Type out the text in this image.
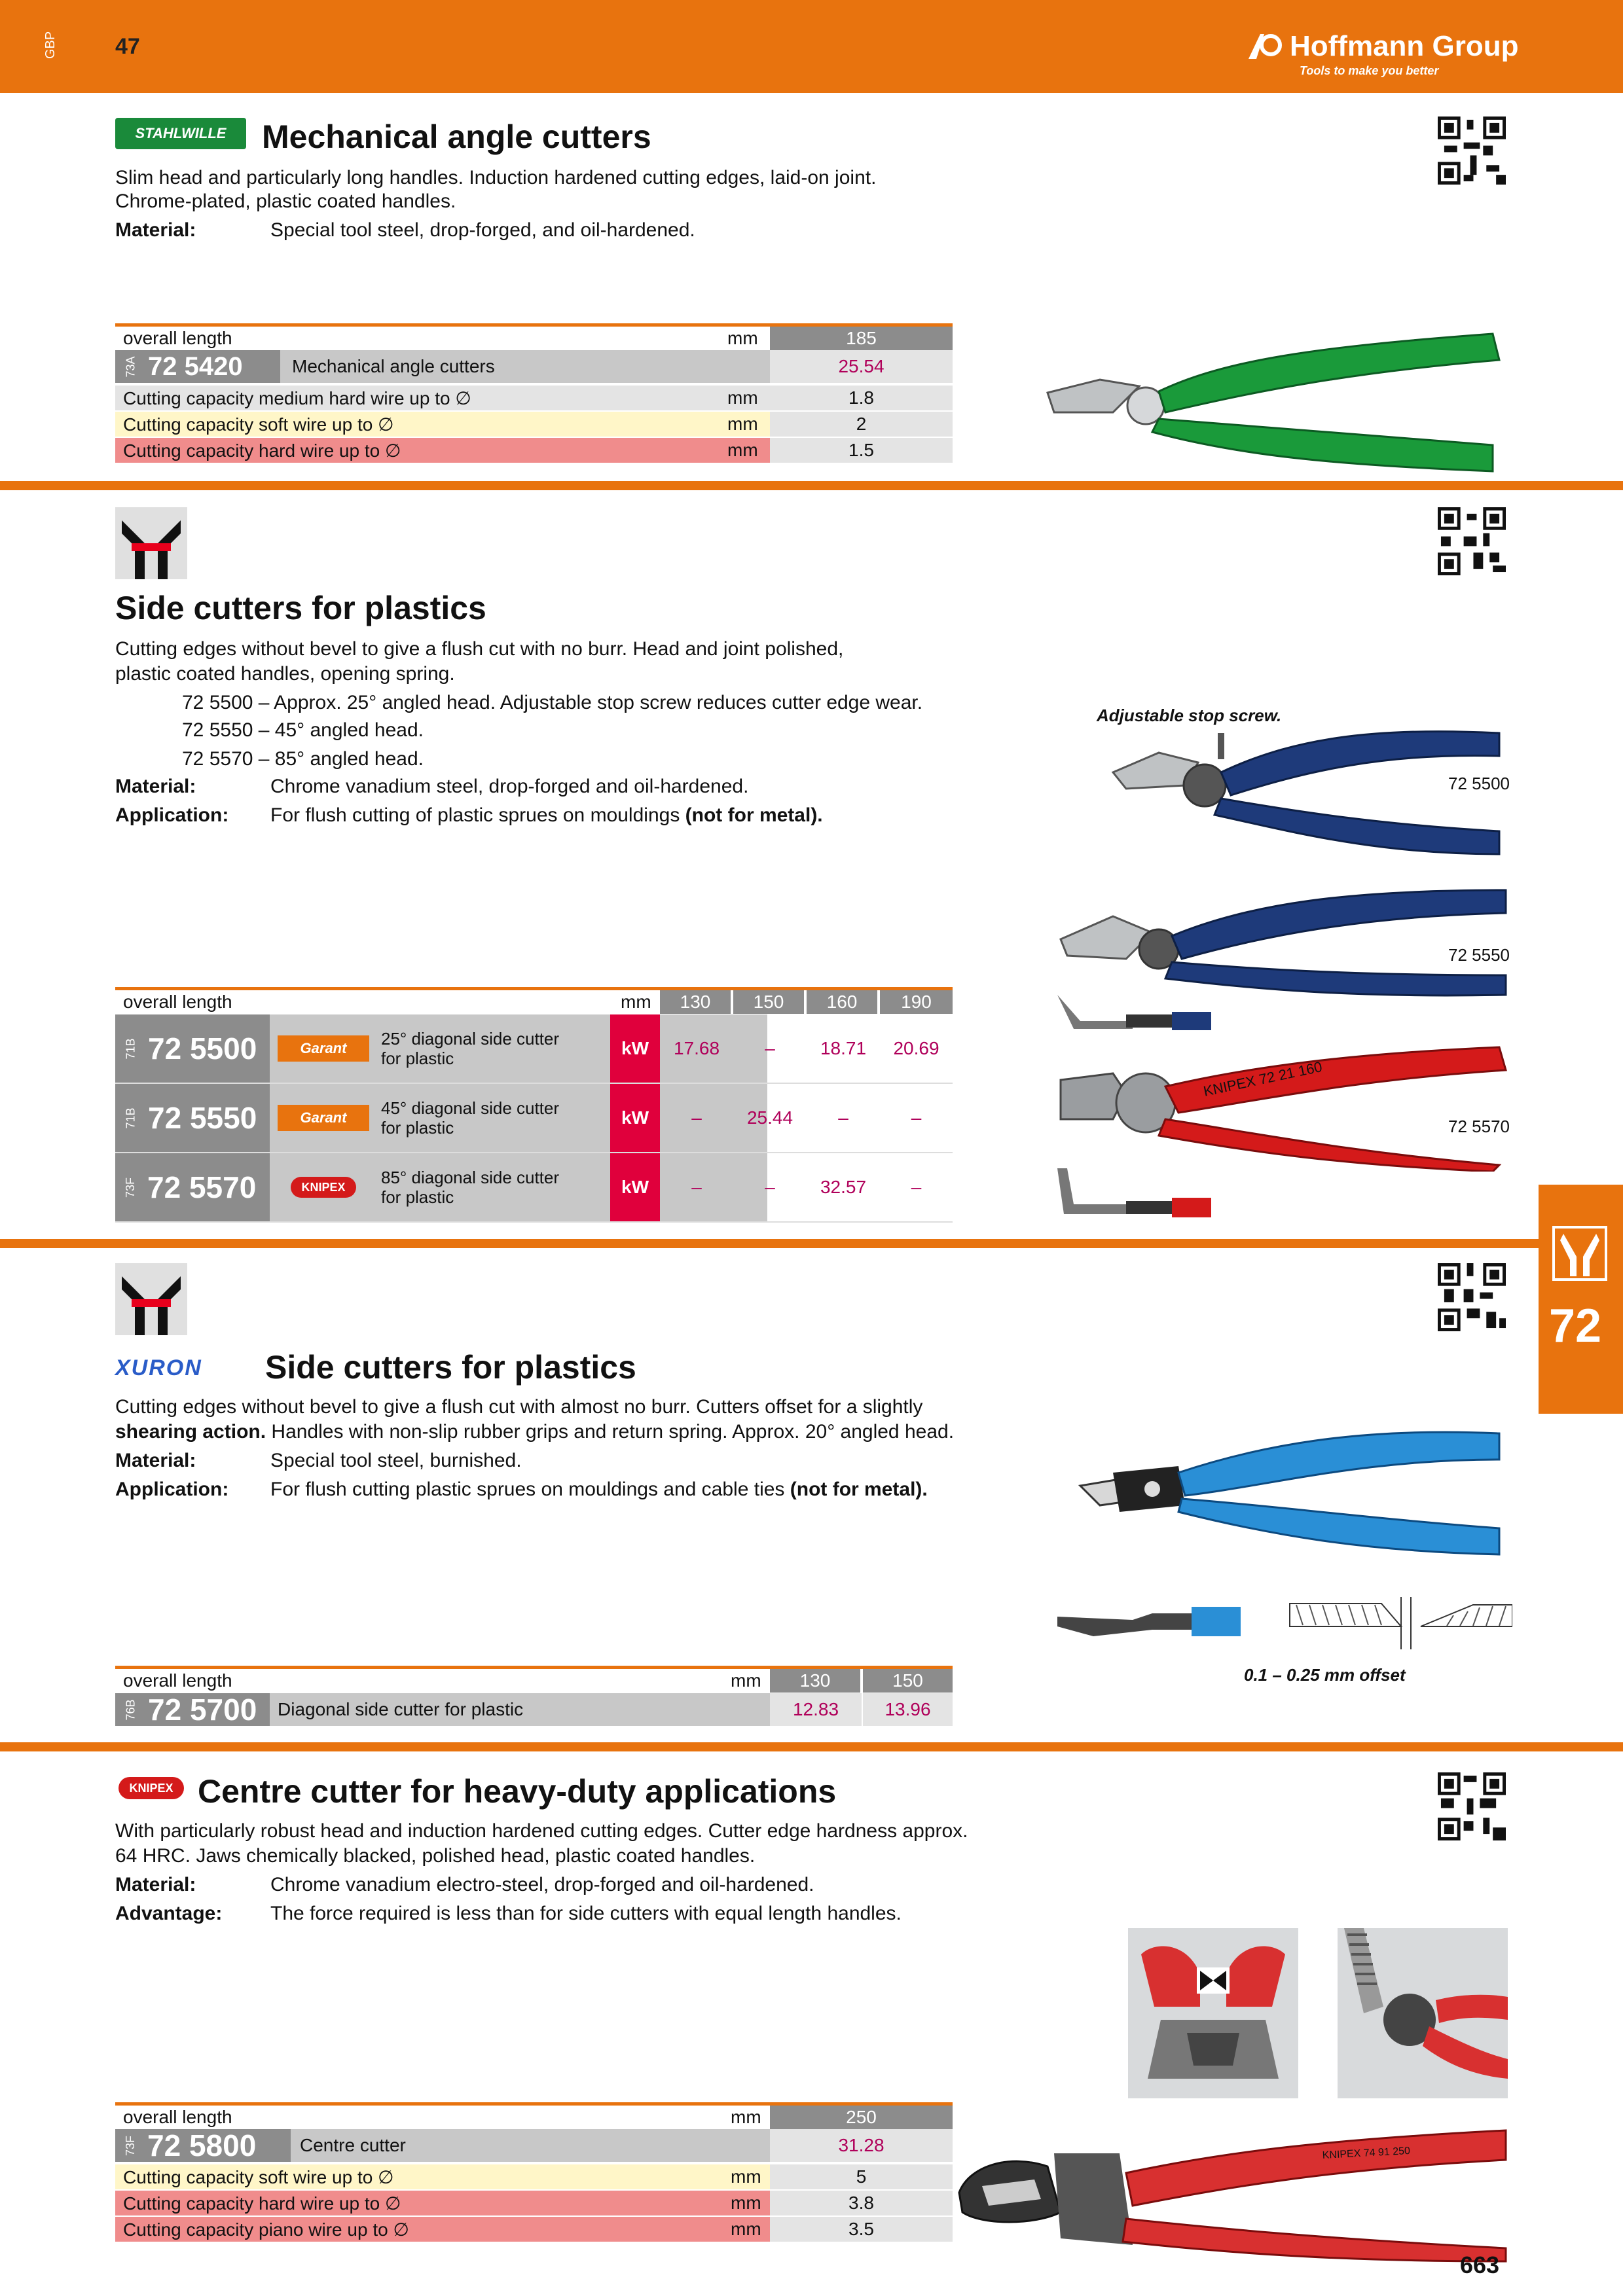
GBP	47	Hoffmann Group
Tools to make you better
STAHLWILLE Mechanical angle cutters
Slim head and particularly long handles. Induction hardened cutting edges, laid-on joint.
Chrome-plated, plastic coated handles.
Material:	Special tool steel, drop-forged, and oil-hardened.
overall length	mm	185
73A 72 5420	Mechanical angle cutters	25.54
Cutting capacity medium hard wire up to ∅	mm	1.8
Cutting capacity soft wire up to ∅	mm	2
Cutting capacity hard wire up to ∅	mm	1.5
Side cutters for plastics
Cutting edges without bevel to give a flush cut with no burr. Head and joint polished,
plastic coated handles, opening spring.
72 5500 – Approx. 25° angled head. Adjustable stop screw reduces cutter edge wear.
72 5550 – 45° angled head.
72 5570 – 85° angled head.
Material:	Chrome vanadium steel, drop-forged and oil-hardened.
Application: For flush cutting of plastic sprues on mouldings (not for metal).
Adjustable stop screw.
72 5500
72 5550
KNIPEX 72 21 160
72 5570
overall length	mm	130	150	160	190
71B 72 5500	Garant	25° diagonal side cutter
for plastic	kW	17.68	–	18.71	20.69
71B 72 5550	Garant	45° diagonal side cutter
for plastic	kW	–	25.44	–	–
73F 72 5570	KNIPEX	85° diagonal side cutter
for plastic	kW	–	–	32.57	–
72
XURON Side cutters for plastics
Cutting edges without bevel to give a flush cut with almost no burr. Cutters offset for a slightly
shearing action. Handles with non-slip rubber grips and return spring. Approx. 20° angled head.
Material:	Special tool steel, burnished.
Application: For flush cutting plastic sprues on mouldings and cable ties (not for metal).
0.1 – 0.25 mm offset
overall length	mm	130	150
76B 72 5700	Diagonal side cutter for plastic	12.83	13.96
KNIPEX Centre cutter for heavy-duty applications
With particularly robust head and induction hardened cutting edges. Cutter edge hardness approx.
64 HRC. Jaws chemically blacked, polished head, plastic coated handles.
Material:	Chrome vanadium electro-steel, drop-forged and oil-hardened.
Advantage: The force required is less than for side cutters with equal length handles.
KNIPEX 74 91 250
overall length	mm	250
73F 72 5800	Centre cutter	31.28
Cutting capacity soft wire up to ∅	mm	5
Cutting capacity hard wire up to ∅	mm	3.8
Cutting capacity piano wire up to ∅	mm	3.5
663
